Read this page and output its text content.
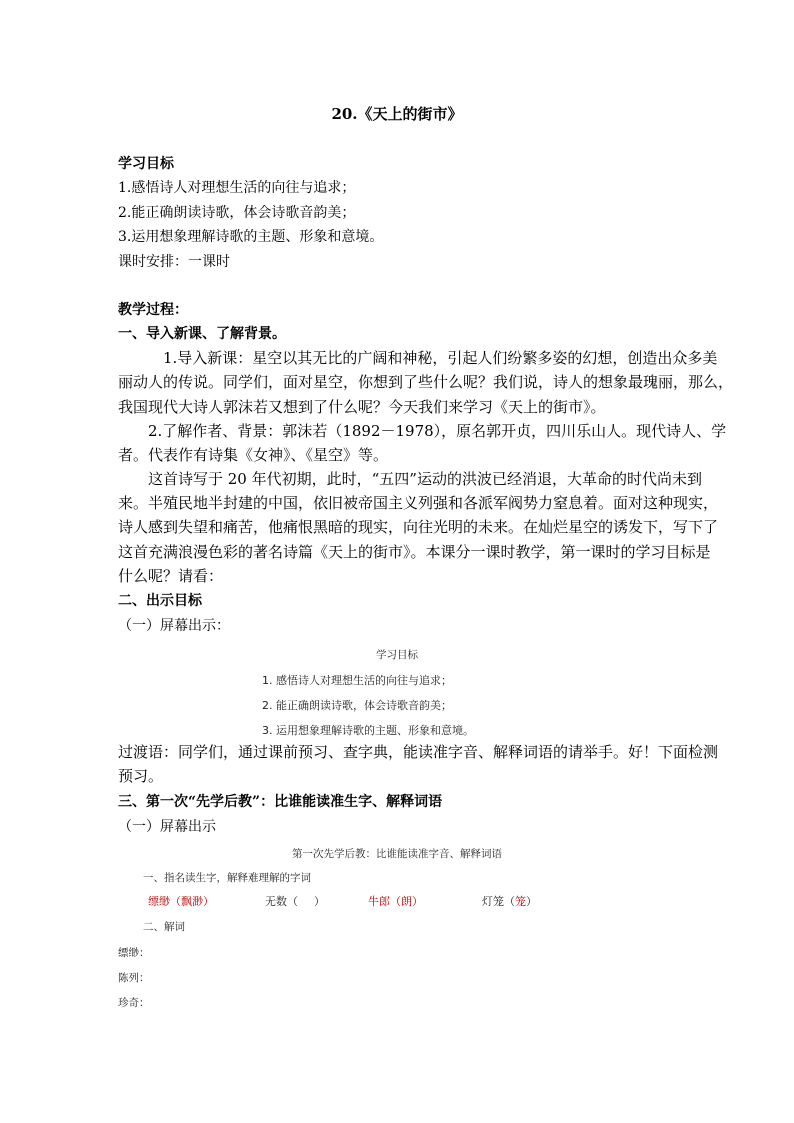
20.《天上的街市》
学习目标
1.感悟诗人对理想生活的向往与追求；
2.能正确朗读诗歌，体会诗歌音韵美；
3.运用想象理解诗歌的主题、形象和意境。
课时安排：一课时
教学过程：
一、导入新课、了解背景。
1.导入新课：星空以其无比的广阔和神秘，引起人们纷繁多姿的幻想，创造出众多美
丽动人的传说。同学们，面对星空，你想到了些什么呢？我们说，诗人的想象最瑰丽，那么，
我国现代大诗人郭沫若又想到了什么呢？今天我们来学习《天上的街市》。
2.了解作者、背景：郭沫若（1892－1978），原名郭开贞，四川乐山人。现代诗人、学
者。代表作有诗集《女神》、《星空》等。
这首诗写于 20 年代初期，此时，“五四”运动的洪波已经消退，大革命的时代尚未到
来。半殖民地半封建的中国，依旧被帝国主义列强和各派军阀势力窒息着。面对这种现实，
诗人感到失望和痛苦，他痛恨黑暗的现实，向往光明的未来。在灿烂星空的诱发下，写下了
这首充满浪漫色彩的著名诗篇《天上的街市》。本课分一课时教学，第一课时的学习目标是
什么呢？请看：
二、出示目标
（一）屏幕出示：
学习目标
1. 感悟诗人对理想生活的向往与追求；
2. 能正确朗读诗歌，体会诗歌音韵美；
3. 运用想象理解诗歌的主题、形象和意境。
过渡语：同学们，通过课前预习、查字典，能读准字音、解释词语的请举手。好！下面检测
预习。
三、第一次“先学后教”：比谁能读准生字、解释词语
（一）屏幕出示
第一次先学后教：比谁能读准字音、解释词语
一、指名读生字，解释难理解的字词
缥缈（飘渺）	无数（ ）	牛郎（朗）	灯笼（笼）
二、解词
缥缈：
陈列：
珍奇：
